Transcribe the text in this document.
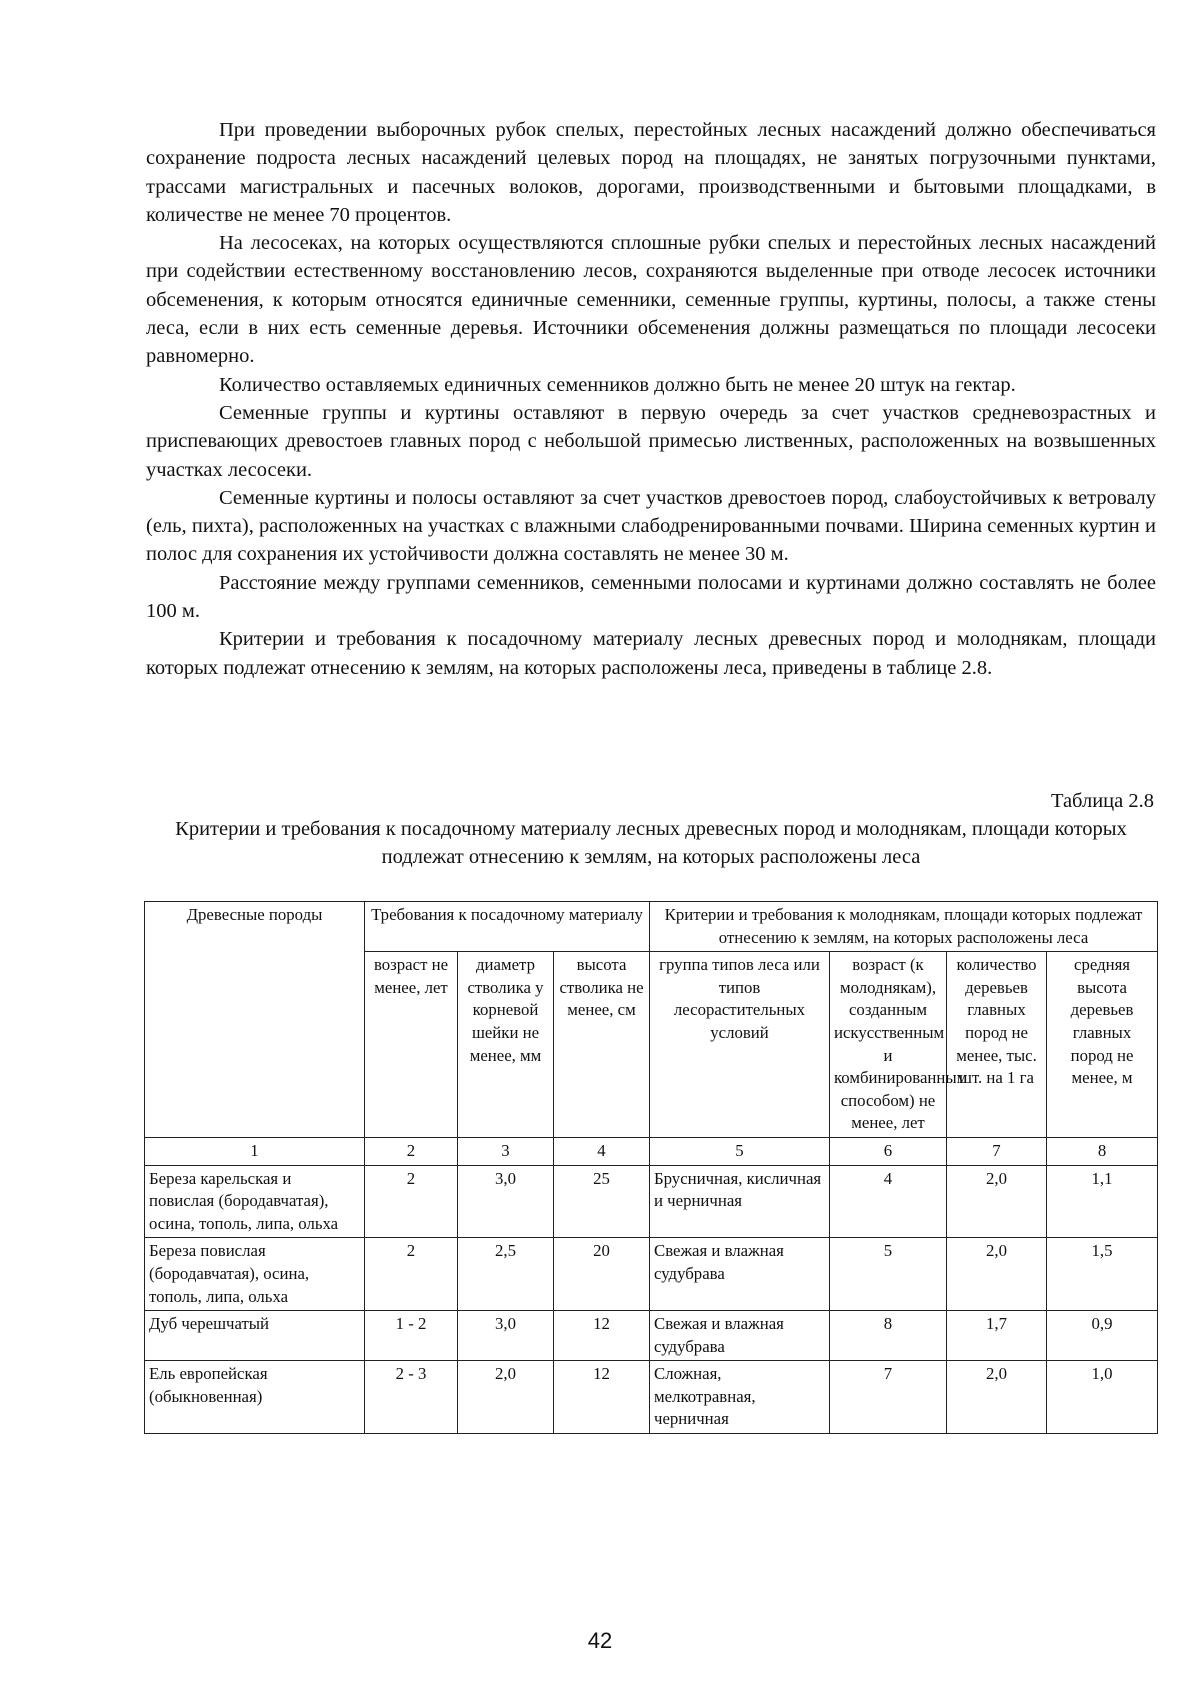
При проведении выборочных рубок спелых, перестойных лесных насаждений должно обеспечиваться сохранение подроста лесных насаждений целевых пород на площадях, не занятых погрузочными пунктами, трассами магистральных и пасечных волоков, дорогами, производственными и бытовыми площадками, в количестве не менее 70 процентов.

На лесосеках, на которых осуществляются сплошные рубки спелых и перестойных лесных насаждений при содействии естественному восстановлению лесов, сохраняются выделенные при отводе лесосек источники обсеменения, к которым относятся единичные семенники, семенные группы, куртины, полосы, а также стены леса, если в них есть семенные деревья. Источники обсеменения должны размещаться по площади лесосеки равномерно.

Количество оставляемых единичных семенников должно быть не менее 20 штук на гектар.

Семенные группы и куртины оставляют в первую очередь за счет участков средневозрастных и приспевающих древостоев главных пород с небольшой примесью лиственных, расположенных на возвышенных участках лесосеки.

Семенные куртины и полосы оставляют за счет участков древостоев пород, слабоустойчивых к ветровалу (ель, пихта), расположенных на участках с влажными слабодренированными почвами. Ширина семенных куртин и полос для сохранения их устойчивости должна составлять не менее 30 м.

Расстояние между группами семенников, семенными полосами и куртинами должно составлять не более 100 м.

Критерии и требования к посадочному материалу лесных древесных пород и молоднякам, площади которых подлежат отнесению к землям, на которых расположены леса, приведены в таблице 2.8.

Таблица 2.8
Критерии и требования к посадочному материалу лесных древесных пород и молоднякам, площади которых подлежат отнесению к землям, на которых расположены леса
Древесные породы	Требования к посадочному материалу			Критерии и требования к молоднякам, площади которых подлежат отнесению к землям, на которых расположены леса			
	возраст не менее, лет	диаметр стволика у корневой шейки не менее, мм	высота стволика не менее, см	группа типов леса или типов лесорастительных условий	возраст (к молоднякам), созданным искусственным и комбинированным способом) не менее, лет	количество деревьев главных пород не менее, тыс. шт. на 1 га	средняя высота деревьев главных пород не менее, м
1	2	3	4	5	6	7	8
Береза карельская и повислая (бородавчатая), осина, тополь, липа, ольха	2	3,0	25	Брусничная, кисличная и черничная	4	2,0	1,1
Береза повислая (бородавчатая), осина, тополь, липа, ольха	2	2,5	20	Свежая и влажная судубрава	5	2,0	1,5
Дуб черешчатый	1 - 2	3,0	12	Свежая и влажная судубрава	8	1,7	0,9
Ель европейская (обыкновенная)	2 - 3	2,0	12	Сложная, мелкотравная, черничная	7	2,0	1,0
42
